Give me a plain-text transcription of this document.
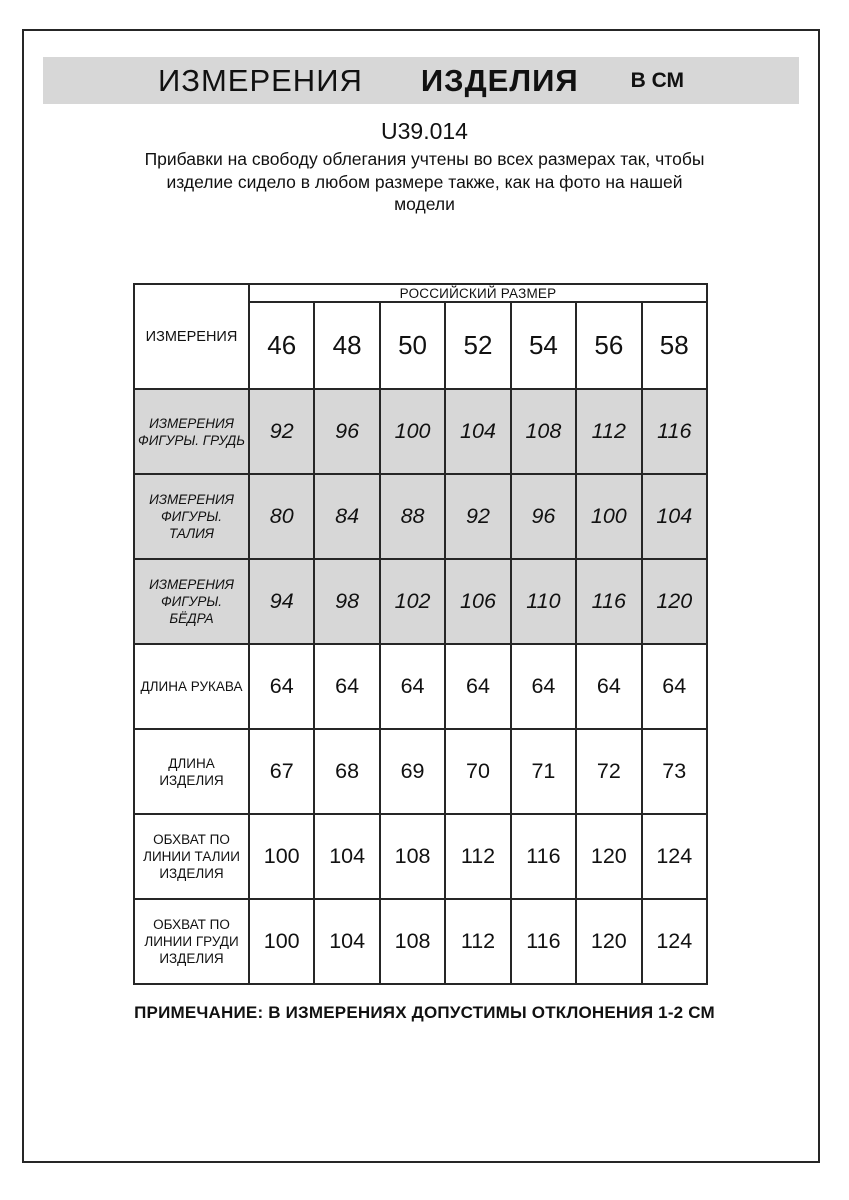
ИЗМЕРЕНИЯ ИЗДЕЛИЯ В СМ
U39.014
Прибавки на свободу облегания учтены во всех размерах так, чтобы изделие сидело в любом размере также, как на фото на нашей модели
ИЗМЕРЕНИЯ	РОССИЙСКИЙ РАЗМЕР						
	46	48	50	52	54	56	58
ИЗМЕРЕНИЯ ФИГУРЫ. ГРУДЬ	92	96	100	104	108	112	116
ИЗМЕРЕНИЯ ФИГУРЫ. ТАЛИЯ	80	84	88	92	96	100	104
ИЗМЕРЕНИЯ ФИГУРЫ. БЁДРА	94	98	102	106	110	116	120
ДЛИНА РУКАВА	64	64	64	64	64	64	64
ДЛИНА ИЗДЕЛИЯ	67	68	69	70	71	72	73
ОБХВАТ ПО ЛИНИИ ТАЛИИ ИЗДЕЛИЯ	100	104	108	112	116	120	124
ОБХВАТ ПО ЛИНИИ ГРУДИ ИЗДЕЛИЯ	100	104	108	112	116	120	124
ПРИМЕЧАНИЕ: В ИЗМЕРЕНИЯХ ДОПУСТИМЫ ОТКЛОНЕНИЯ 1-2 СМ
